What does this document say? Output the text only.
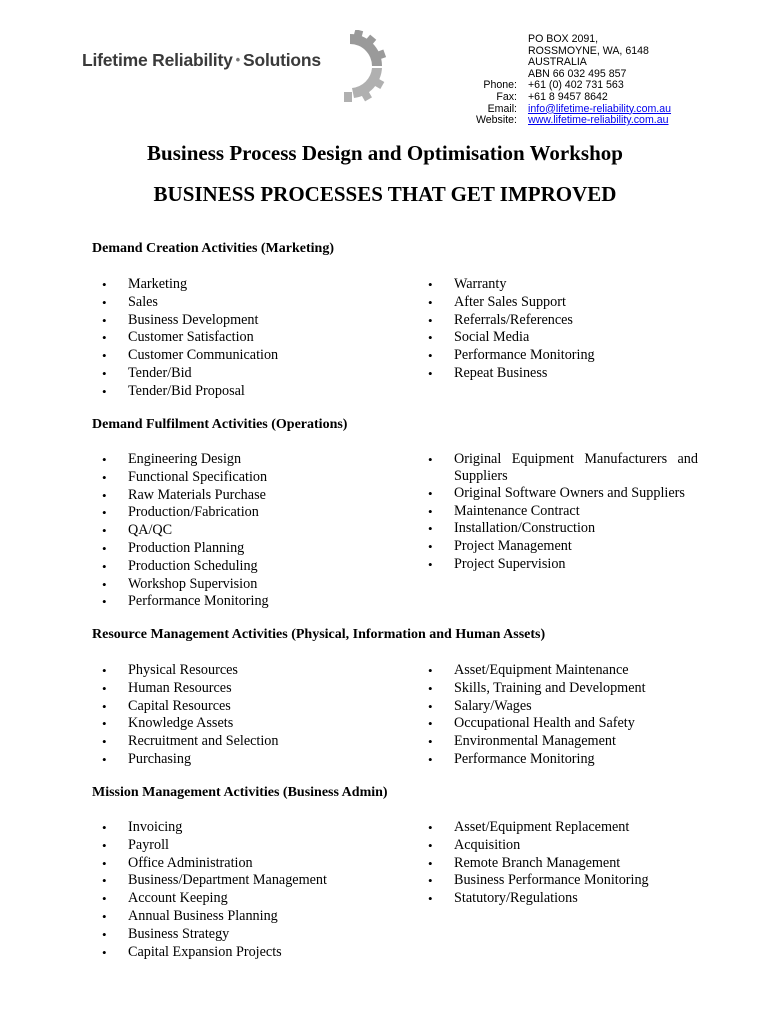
Lifetime Reliability • Solutions
Phone:
Fax:
Email:
Website:
PO BOX 2091,
ROSSMOYNE, WA, 6148
AUSTRALIA
ABN 66 032 495 857
+61 (0) 402 731 563
+61 8 9457 8642
info@lifetime-reliability.com.au
www.lifetime-reliability.com.au
Business Process Design and Optimisation Workshop
BUSINESS PROCESSES THAT GET IMPROVED
Demand Creation Activities (Marketing)
• Marketing
• Sales
• Business Development
• Customer Satisfaction
• Customer Communication
• Tender/Bid
• Tender/Bid Proposal
• Warranty
• After Sales Support
• Referrals/References
• Social Media
• Performance Monitoring
• Repeat Business
Demand Fulfilment Activities (Operations)
• Engineering Design
• Functional Specification
• Raw Materials Purchase
• Production/Fabrication
• QA/QC
• Production Planning
• Production Scheduling
• Workshop Supervision
• Performance Monitoring
• Original Equipment Manufacturers and Suppliers
• Original Software Owners and Suppliers
• Maintenance Contract
• Installation/Construction
• Project Management
• Project Supervision
Resource Management Activities (Physical, Information and Human Assets)
• Physical Resources
• Human Resources
• Capital Resources
• Knowledge Assets
• Recruitment and Selection
• Purchasing
• Asset/Equipment Maintenance
• Skills, Training and Development
• Salary/Wages
• Occupational Health and Safety
• Environmental Management
• Performance Monitoring
Mission Management Activities (Business Admin)
• Invoicing
• Payroll
• Office Administration
• Business/Department Management
• Account Keeping
• Annual Business Planning
• Business Strategy
• Capital Expansion Projects
• Asset/Equipment Replacement
• Acquisition
• Remote Branch Management
• Business Performance Monitoring
• Statutory/Regulations
